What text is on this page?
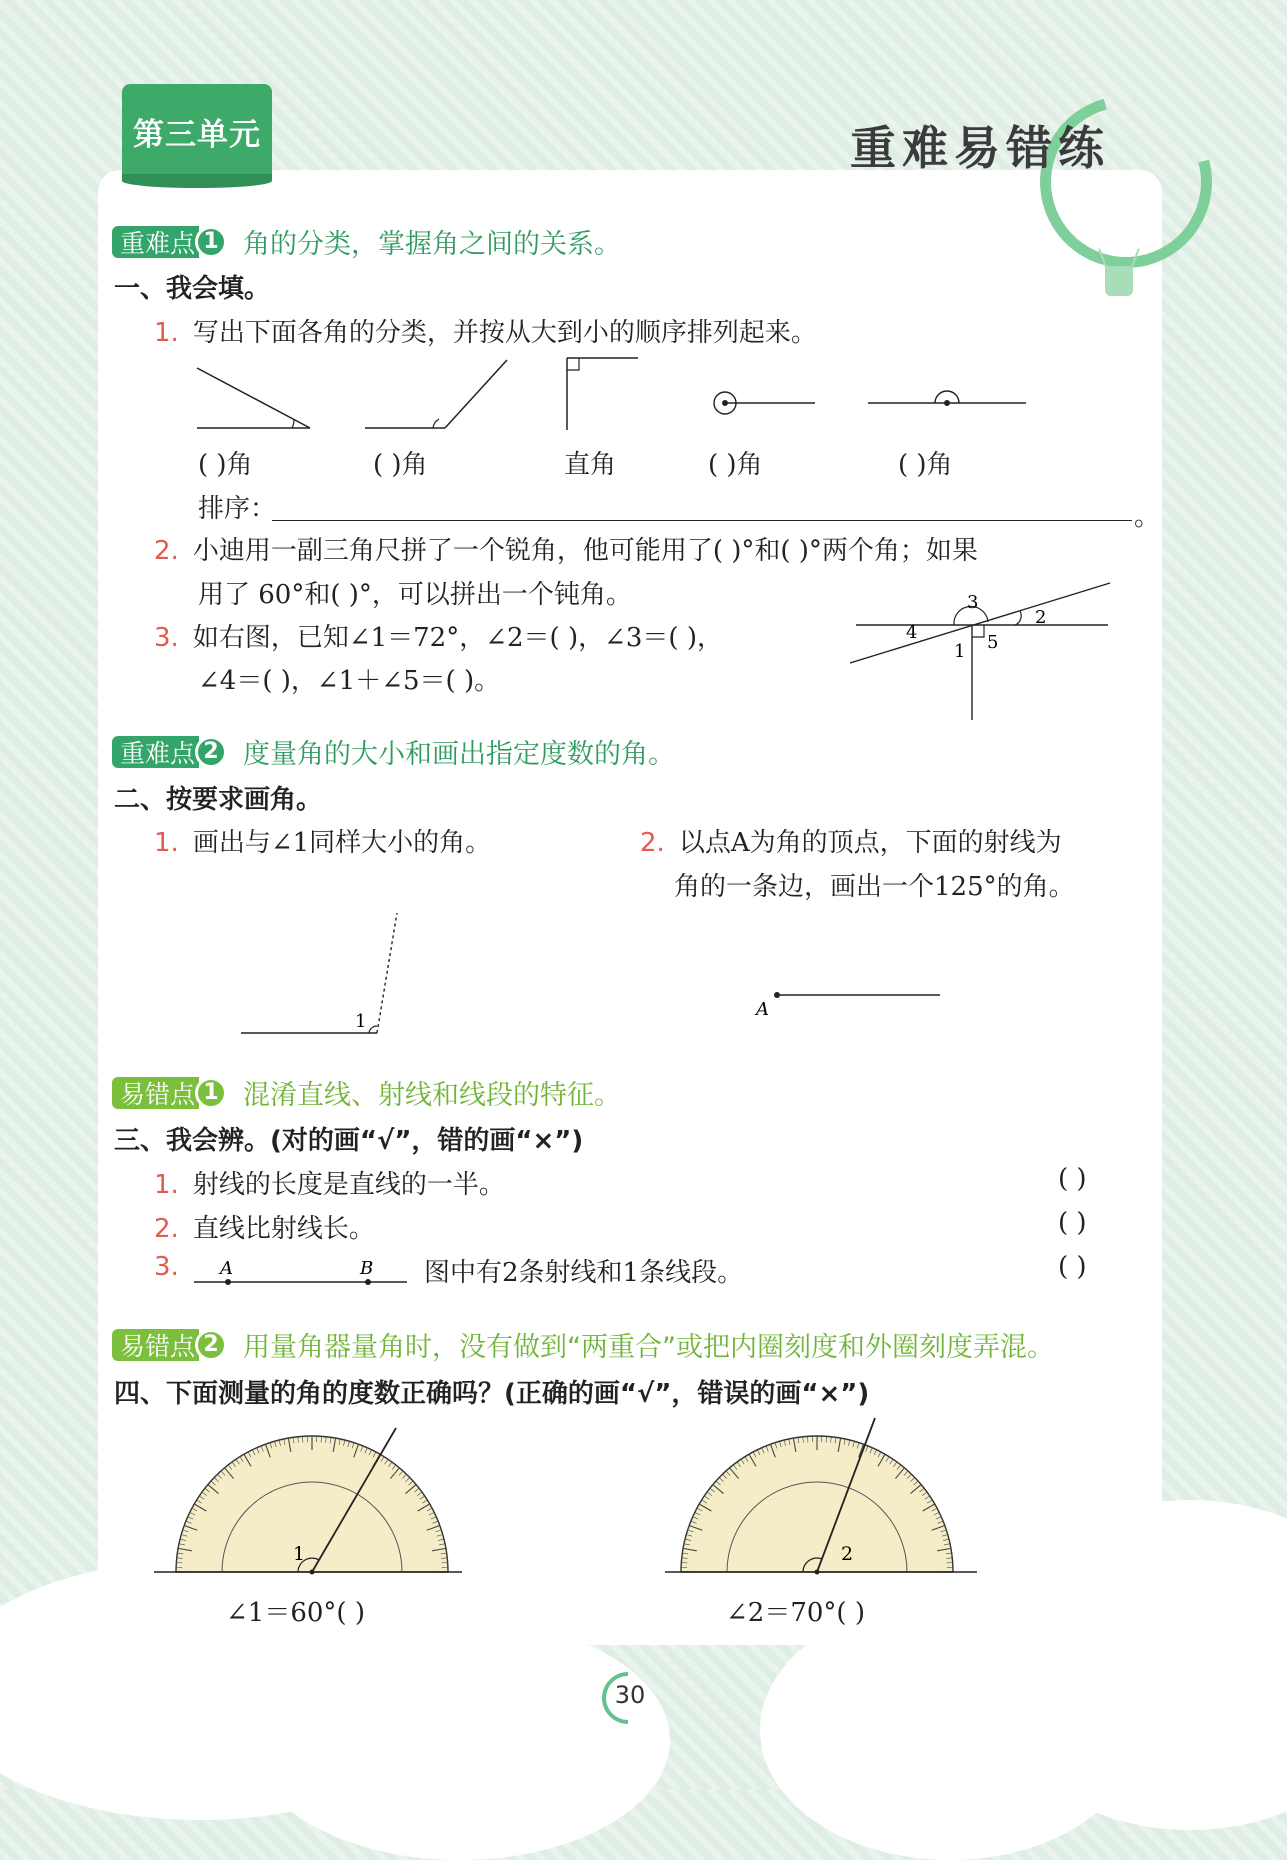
第三单元	重难易错练
重难点 1 角的分类，掌握角之间的关系。
一、我会填。
1. 写出下面各角的分类，并按从大到小的顺序排列起来。
( )角	( )角	直角	( )角	( )角
排序：	。
2. 小迪用一副三角尺拼了一个锐角，他可能用了( )°和( )°两个角；如果
用了 60°和( )°，可以拼出一个钝角。
3. 如右图，已知∠1＝72°，∠2＝( )，∠3＝( )，
∠4＝( )，∠1＋∠5＝( )。
3
2
4
1 5
重难点 2 度量角的大小和画出指定度数的角。
二、按要求画角。
1. 画出与∠1同样大小的角。	2. 以点A为角的顶点，下面的射线为
角的一条边，画出一个125°的角。
1
A
易错点 1 混淆直线、射线和线段的特征。
三、我会辨。(对的画“√”，错的画“×”)
1. 射线的长度是直线的一半。	( )
2. 直线比射线长。	( )
3.	A	B 图中有2条射线和1条线段。	( )
易错点 2 用量角器量角时，没有做到“两重合”或把内圈刻度和外圈刻度弄混。
四、下面测量的角的度数正确吗？(正确的画“√”，错误的画“×”)
1
∠1＝60°( )
2
∠2＝70°( )
30
